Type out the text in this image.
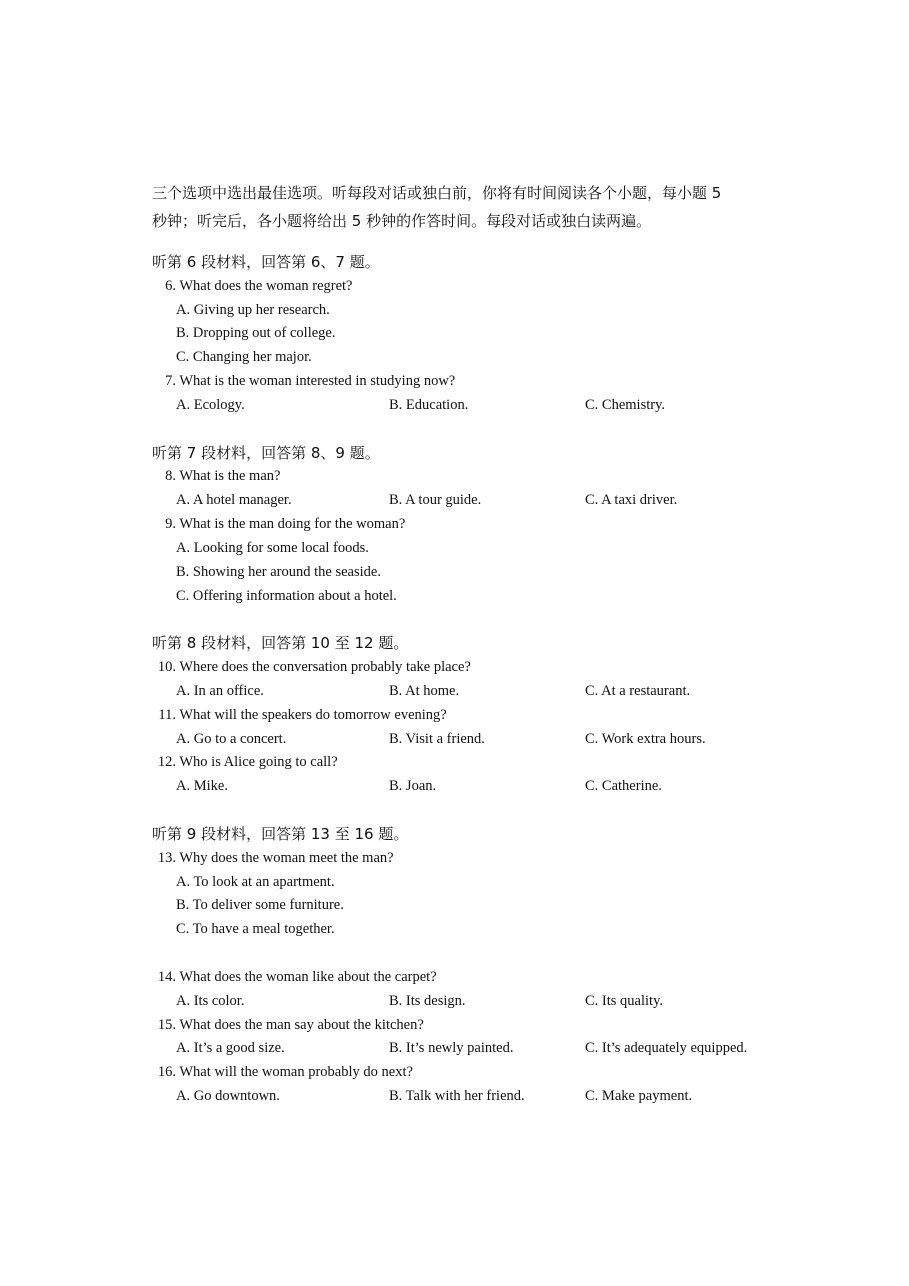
三个选项中选出最佳选项。听每段对话或独白前，你将有时间阅读各个小题，每小题 5
秒钟；听完后，各小题将给出 5 秒钟的作答时间。每段对话或独白读两遍。
听第 6 段材料，回答第 6、7 题。
6. What does the woman regret?
A. Giving up her research.
B. Dropping out of college.
C. Changing her major.
7. What is the woman interested in studying now?
A. Ecology.	B. Education.	C. Chemistry.
听第 7 段材料，回答第 8、9 题。
8. What is the man?
A. A hotel manager.	B. A tour guide.	C. A taxi driver.
9. What is the man doing for the woman?
A. Looking for some local foods.
B. Showing her around the seaside.
C. Offering information about a hotel.
听第 8 段材料，回答第 10 至 12 题。
10. Where does the conversation probably take place?
A. In an office.	B. At home.	C. At a restaurant.
11. What will the speakers do tomorrow evening?
A. Go to a concert.	B. Visit a friend.	C. Work extra hours.
12. Who is Alice going to call?
A. Mike.	B. Joan.	C. Catherine.
听第 9 段材料，回答第 13 至 16 题。
13. Why does the woman meet the man?
A. To look at an apartment.
B. To deliver some furniture.
C. To have a meal together.
14. What does the woman like about the carpet?
A. Its color.	B. Its design.	C. Its quality.
15. What does the man say about the kitchen?
A. It’s a good size.	B. It’s newly painted.	C. It’s adequately equipped.
16. What will the woman probably do next?
A. Go downtown.	B. Talk with her friend.	C. Make payment.
